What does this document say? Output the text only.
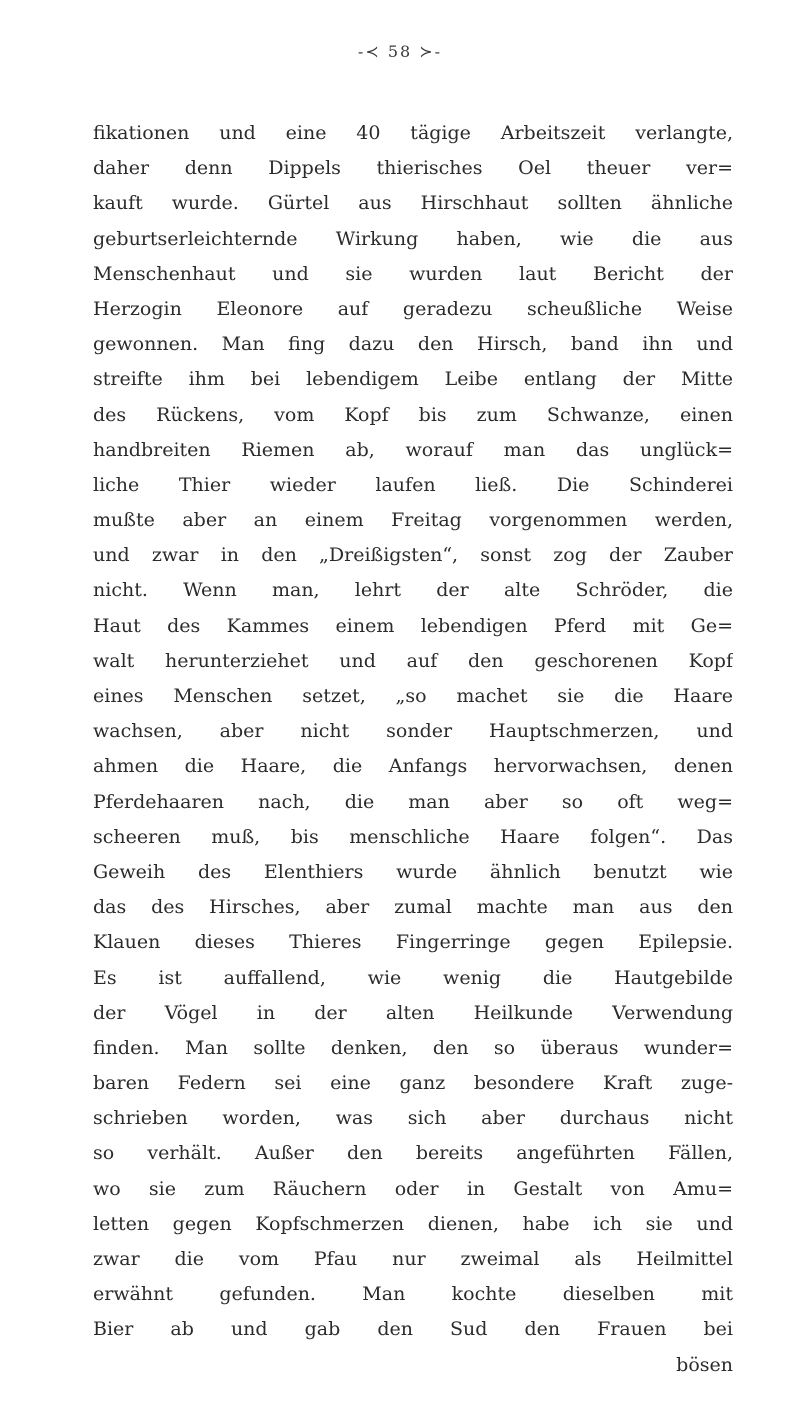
-≺ 58 ≻-
fikationen und eine 40 tägige Arbeitszeit verlangte,
daher denn Dippels thierisches Oel theuer ver=
kauft wurde. Gürtel aus Hirschhaut sollten ähnliche
geburtserleichternde Wirkung haben, wie die aus
Menschenhaut und sie wurden laut Bericht der
Herzogin Eleonore auf geradezu scheußliche Weise
gewonnen. Man fing dazu den Hirsch, band ihn und
streifte ihm bei lebendigem Leibe entlang der Mitte
des Rückens, vom Kopf bis zum Schwanze, einen
handbreiten Riemen ab, worauf man das unglück=
liche Thier wieder laufen ließ. Die Schinderei
mußte aber an einem Freitag vorgenommen werden,
und zwar in den „Dreißigsten“, sonst zog der Zauber
nicht. Wenn man, lehrt der alte Schröder, die
Haut des Kammes einem lebendigen Pferd mit Ge=
walt herunterziehet und auf den geschorenen Kopf
eines Menschen setzet, „so machet sie die Haare
wachsen, aber nicht sonder Hauptschmerzen, und
ahmen die Haare, die Anfangs hervorwachsen, denen
Pferdehaaren nach, die man aber so oft weg=
scheeren muß, bis menschliche Haare folgen“. Das
Geweih des Elenthiers wurde ähnlich benutzt wie
das des Hirsches, aber zumal machte man aus den
Klauen dieses Thieres Fingerringe gegen Epilepsie.
Es ist auffallend, wie wenig die Hautgebilde
der Vögel in der alten Heilkunde Verwendung
finden. Man sollte denken, den so überaus wunder=
baren Federn sei eine ganz besondere Kraft zuge-
schrieben worden, was sich aber durchaus nicht
so verhält. Außer den bereits angeführten Fällen,
wo sie zum Räuchern oder in Gestalt von Amu=
letten gegen Kopfschmerzen dienen, habe ich sie und
zwar die vom Pfau nur zweimal als Heilmittel
erwähnt gefunden. Man kochte dieselben mit
Bier ab und gab den Sud den Frauen bei
bösen
